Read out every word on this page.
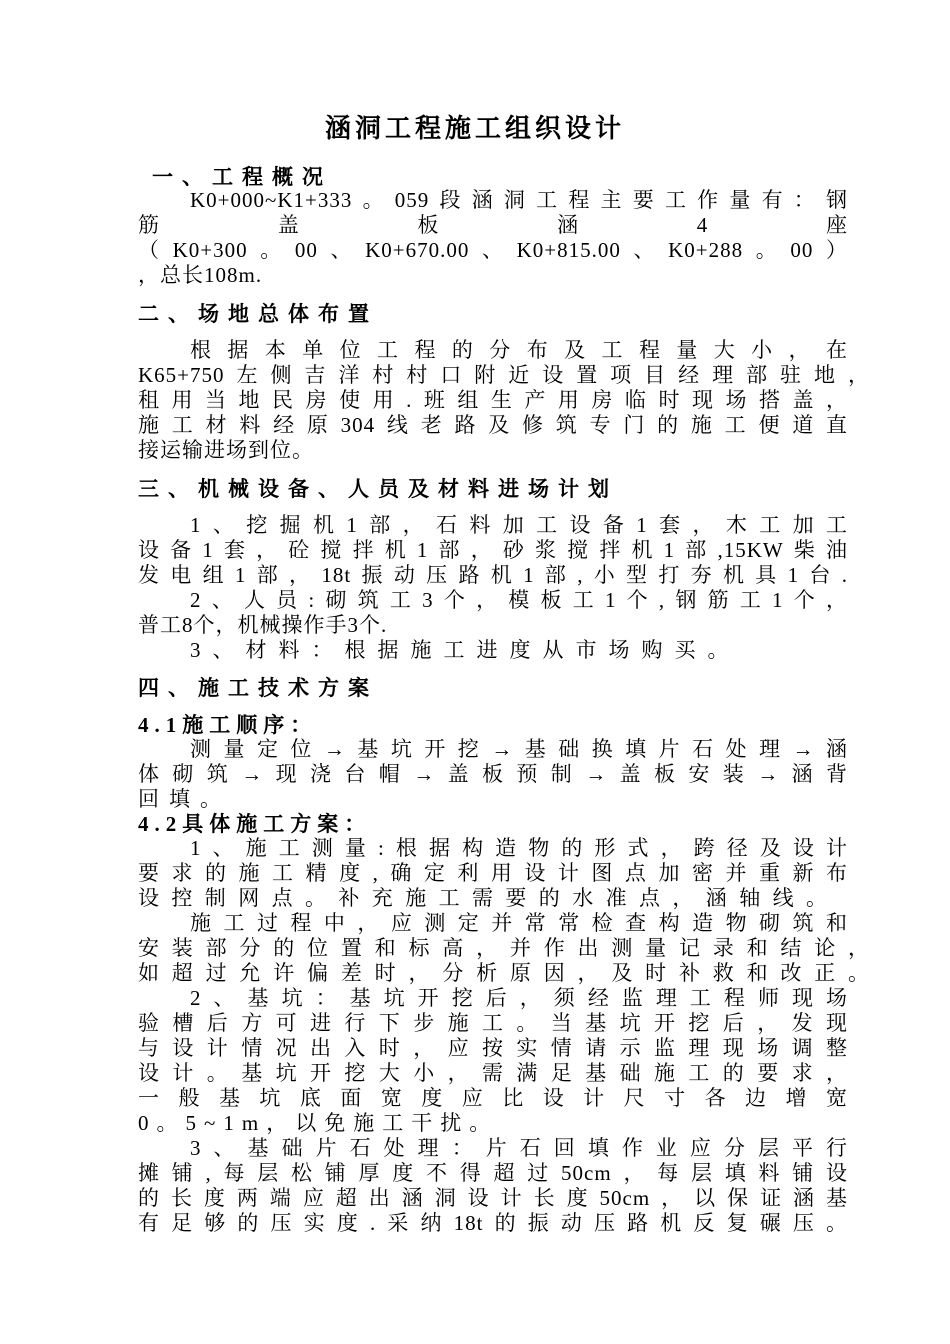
涵洞工程施工组织设计
一、工程概况
K0+000~K1+333。059段涵洞工程主要工作量有：钢
筋盖板涵4座
（K0+300。00、K0+670.00、K0+815.00、K0+288。00）
，总长108m.
二、场地总体布置
根据本单位工程的分布及工程量大小，在
K65+750左侧吉洋村村口附近设置项目经理部驻地，
租用当地民房使用.班组生产用房临时现场搭盖，
施工材料经原304线老路及修筑专门的施工便道直
接运输进场到位。
三、机械设备、人员及材料进场计划
1、挖掘机1部，石料加工设备1套，木工加工
设备1套，砼搅拌机1部，砂浆搅拌机1部,15KW柴油
发电组1部，18t振动压路机1部,小型打夯机具1台.
2、人员:砌筑工3个，模板工1个,钢筋工1个，
普工8个，机械操作手3个.
3、材料：根据施工进度从市场购买。
四、施工技术方案
4.1施工顺序：
测量定位→基坑开挖→基础换填片石处理→涵
体砌筑→现浇台帽→盖板预制→盖板安装→涵背
回填。
4.2具体施工方案：
1、施工测量:根据构造物的形式，跨径及设计
要求的施工精度,确定利用设计图点加密并重新布
设控制网点。补充施工需要的水准点，涵轴线。
施工过程中，应测定并常常检查构造物砌筑和
安装部分的位置和标高，并作出测量记录和结论，
如超过允许偏差时，分析原因，及时补救和改正。
2、基坑：基坑开挖后，须经监理工程师现场
验槽后方可进行下步施工。当基坑开挖后，发现
与设计情况出入时，应按实情请示监理现场调整
设计。基坑开挖大小，需满足基础施工的要求，
一般基坑底面宽度应比设计尺寸各边增宽
0。5~1m，以免施工干扰。
3、基础片石处理：片石回填作业应分层平行
摊铺,每层松铺厚度不得超过50cm，每层填料铺设
的长度两端应超出涵洞设计长度50cm，以保证涵基
有足够的压实度.采纳18t的振动压路机反复碾压。
